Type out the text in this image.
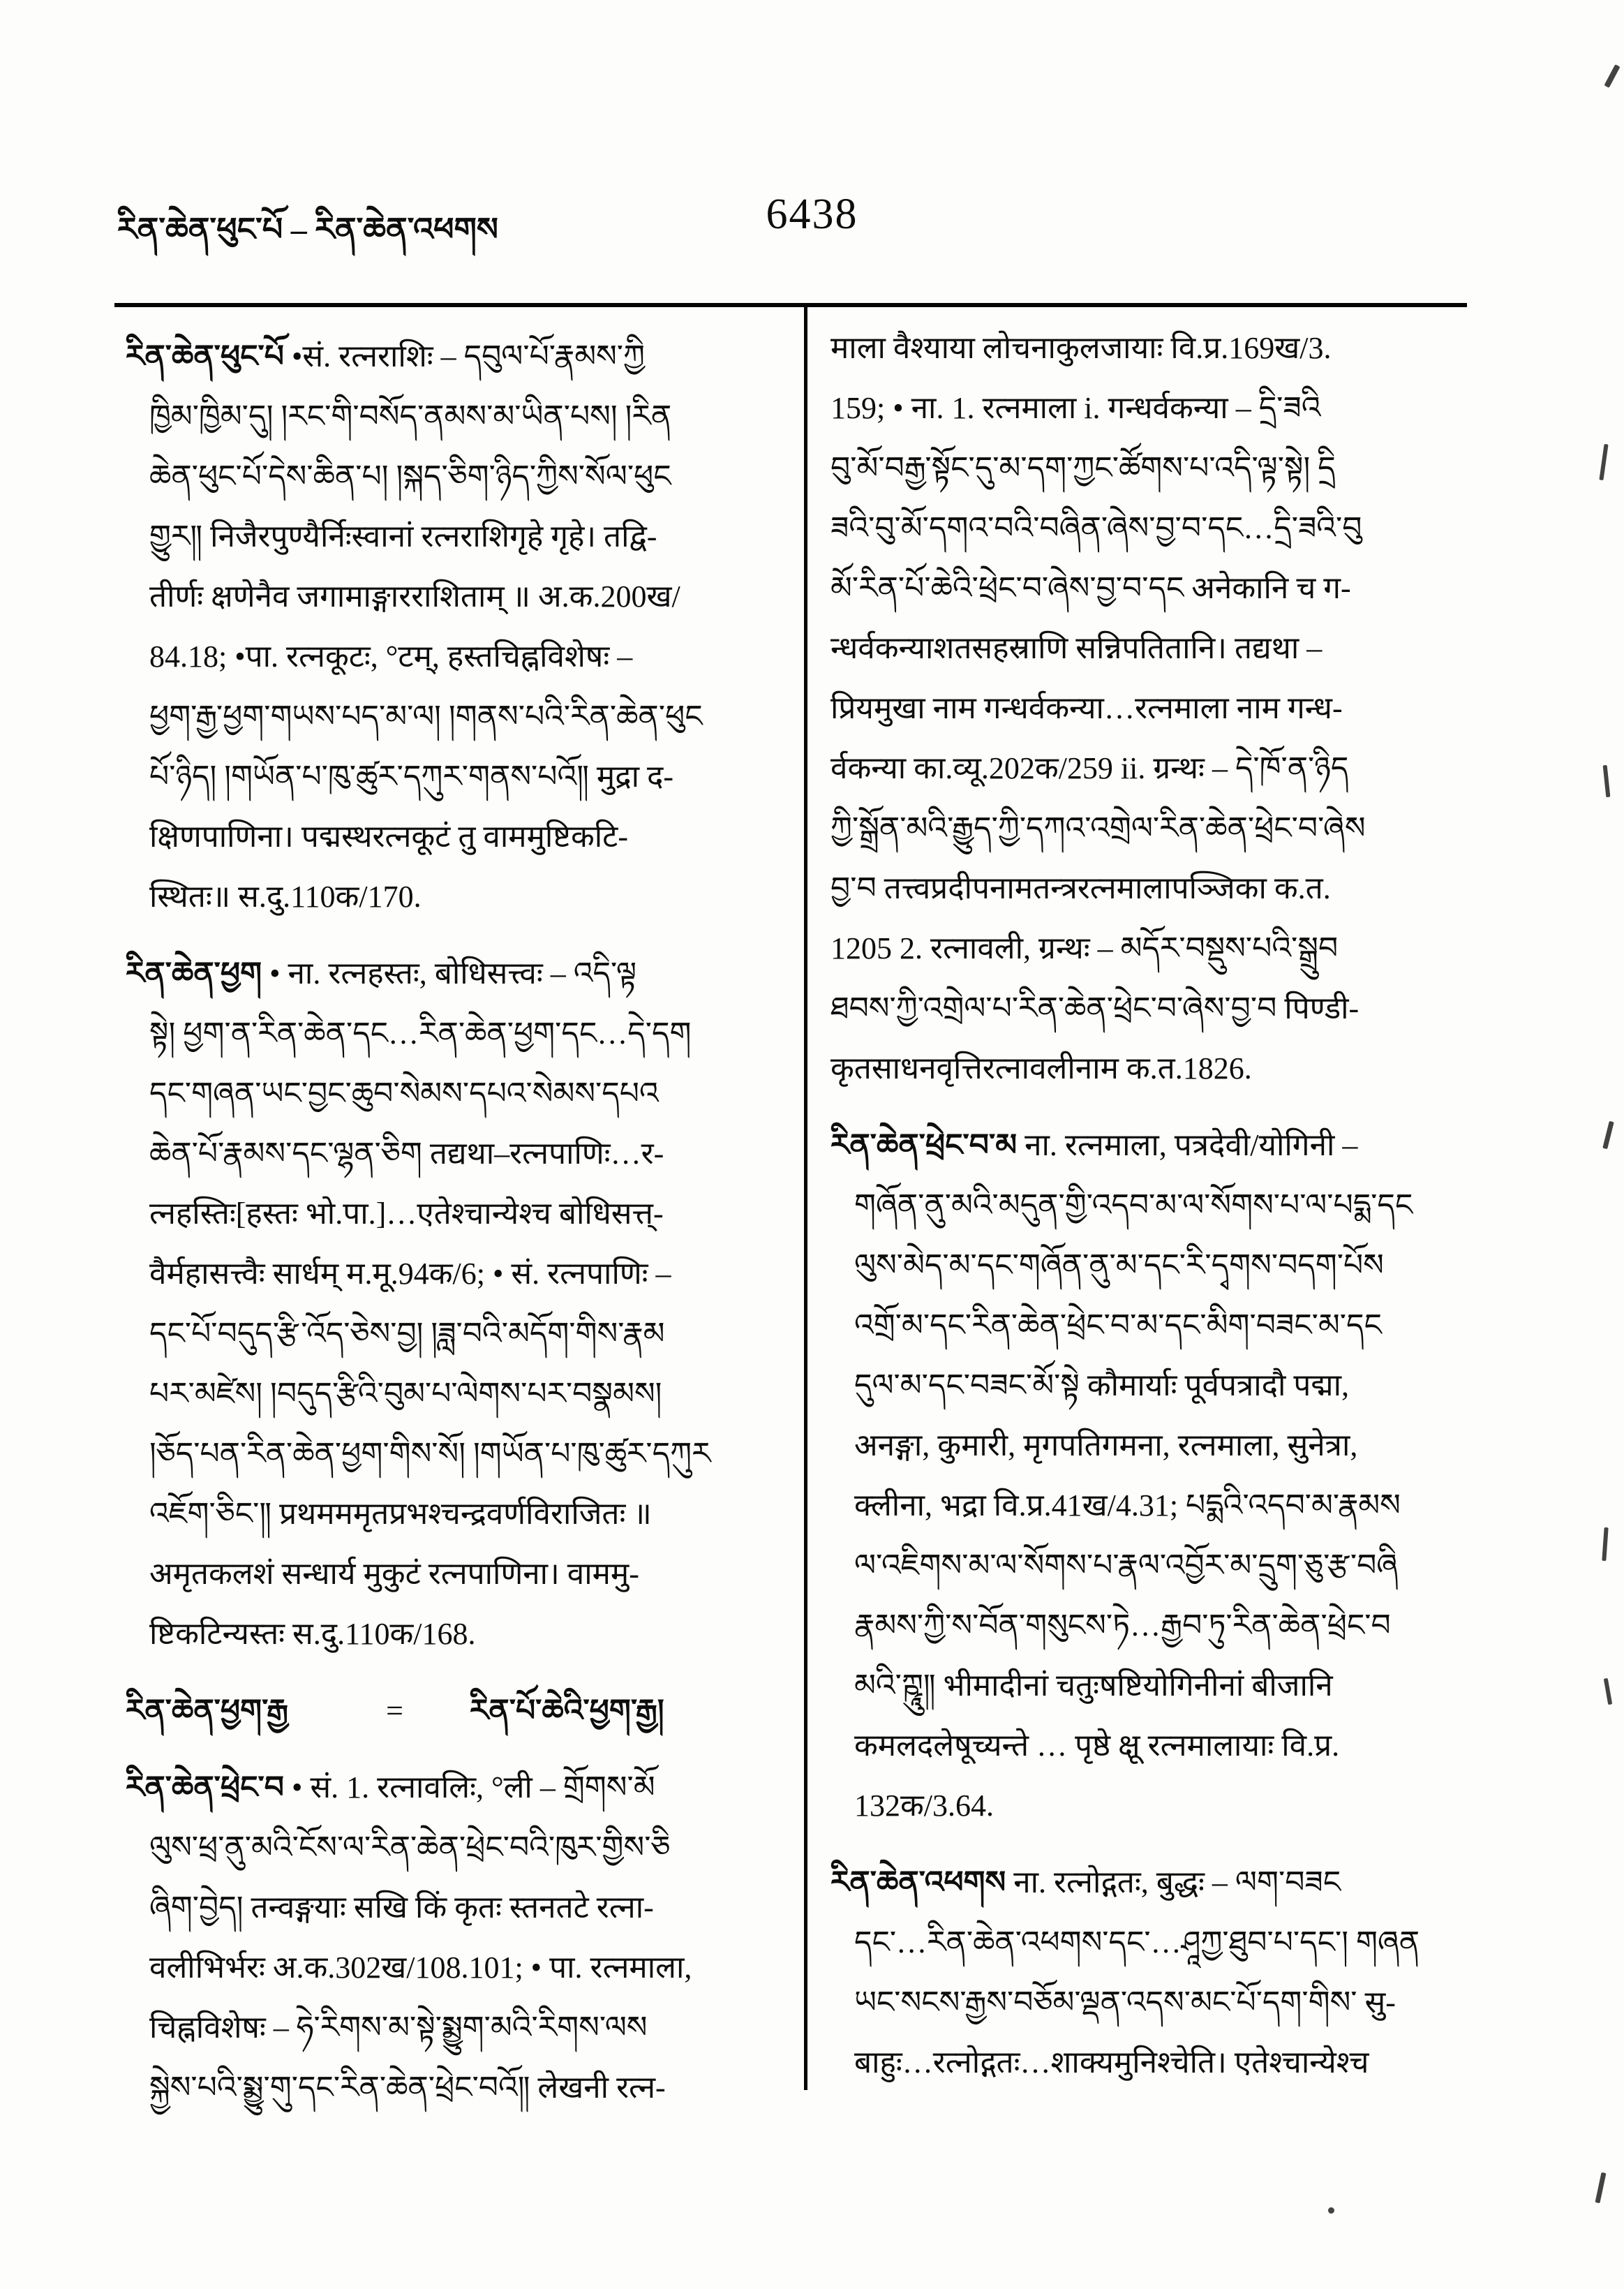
རིན་ཆེན་ཕུང་པོ – རིན་ཆེན་འཕགས	6438
རིན་ཆེན་ཕུང་པོ •सं. रत्नराशिः – དབུལ་པོ་རྣམས་ཀྱི
ཁྱིམ་ཁྱིམ་དུ། །རང་གི་བསོད་ནམས་མ་ཡིན་པས། །རིན
ཆེན་ཕུང་པོ་དེས་ཆིན་པ། །སྐད་ཅིག་ཉིད་ཀྱིས་སོལ་ཕུང
གྱུར༎ निजैरपुण्यैर्निःस्वानां रत्नराशिगृहे गृहे। तद्वि-
तीर्णः क्षणेनैव जगामाङ्गारराशिताम् ॥ अ.क.200ख/
84.18; •पा. रत्नकूटः, °टम्, हस्तचिह्नविशेषः –
ཕྱག་རྒྱ་ཕྱག་གཡས་པད་མ་ལ། །གནས་པའི་རིན་ཆེན་ཕུང
པོ་ཉིད། །གཡོན་པ་ཁུ་ཚུར་དཀུར་གནས་པའོ༎ मुद्रा द-
क्षिणपाणिना। पद्मस्थरत्नकूटं तु वाममुष्टिकटि-
स्थितः॥ स.दु.110क/170.
རིན་ཆེན་ཕྱག • ना. रत्नहस्तः, बोधिसत्त्वः – འདི་ལྟ
སྟེ། ཕྱག་ན་རིན་ཆེན་དང…རིན་ཆེན་ཕྱག་དང…དེ་དག
དང་གཞན་ཡང་བྱང་ཆུབ་སེམས་དཔའ་སེམས་དཔའ
ཆེན་པོ་རྣམས་དང་ལྷན་ཅིག तद्यथा–रत्नपाणिः…र-
त्नहस्तिः[हस्तः भो.पा.]…एतेश्चान्येश्च बोधिसत्त्-
वैर्महासत्त्वैः सार्धम् म.मू.94क/6; • सं. रत्नपाणिः –
དང་པོ་བདུད་རྩི་འོད་ཅེས་བྱ། །ཟླ་བའི་མདོག་གིས་རྣམ
པར་མཛེས། །བདུད་རྩིའི་བུམ་པ་ལེགས་པར་བསྣམས།
།ཅོད་པན་རིན་ཆེན་ཕྱག་གིས་སོ། །གཡོན་པ་ཁུ་ཚུར་དཀུར
འཇོག་ཅིང་༎ प्रथमममृतप्रभश्चन्द्रवर्णविराजितः ॥
अमृतकलशं सन्धार्य मुकुटं रत्नपाणिना। वाममु-
ष्टिकटिन्यस्तः स.दु.110क/168.
རིན་ཆེན་ཕྱག་རྒྱ	= རིན་པོ་ཆེའི་ཕྱག་རྒྱ།
རིན་ཆེན་ཕྲེང་བ • सं. 1. रत्नावलिः, °ली – གྲོགས་མོ
ལུས་ཕྲ་ནུ་མའི་ངོས་ལ་རིན་ཆེན་ཕྲེང་བའི་ཁུར་གྱིས་ཅི
ཞིག་བྱེད། तन्वङ्गयाः सखि किं कृतः स्तनतटे रत्ना-
वलीभिर्भरः अ.क.302ख/108.101; • पा. रत्नमाला,
चिह्नविशेषः – ཧེ་རིགས་མ་སྟེ་སྨྱུག་མའི་རིགས་ལས
སྐྱེས་པའི་སྨྱུ་གུ་དང་རིན་ཆེན་ཕྲེང་བའོ༎ लेखनी रत्न-
माला वैश्याया लोचनाकुलजायाः वि.प्र.169ख/3.
159; • ना. 1. रत्नमाला i. गन्धर्वकन्या – དྲི་ཟའི
བུ་མོ་བརྒྱ་སྟོང་དུ་མ་དག་ཀྱང་ཚོགས་པ་འདི་ལྟ་སྟེ། དྲི
ཟའི་བུ་མོ་དགའ་བའི་བཞིན་ཞེས་བྱ་བ་དང…དྲི་ཟའི་བུ
མོ་རིན་པོ་ཆེའི་ཕྲེང་བ་ཞེས་བྱ་བ་དང अनेकानि च ग-
न्धर्वकन्याशतसहस्राणि सन्निपतितानि। तद्यथा –
प्रियमुखा नाम गन्धर्वकन्या…रत्नमाला नाम गन्ध-
र्वकन्या का.व्यू.202क/259 ii. ग्रन्थः – དེ་ཁོ་ན་ཉིད
ཀྱི་སྒྲོན་མའི་རྒྱུད་ཀྱི་དཀའ་འགྲེལ་རིན་ཆེན་ཕྲེང་བ་ཞེས
བྱ་བ तत्त्वप्रदीपनामतन्त्ररत्नमालापञ्जिका क.त.
1205 2. रत्नावली, ग्रन्थः – མདོར་བསྡུས་པའི་སྒྲུབ
ཐབས་ཀྱི་འགྲེལ་པ་རིན་ཆེན་ཕྲེང་བ་ཞེས་བྱ་བ पिण्डी-
कृतसाधनवृत्तिरत्नावलीनाम क.त.1826.
རིན་ཆེན་ཕྲེང་བ་མ ना. रत्नमाला, पत्रदेवी/योगिनी –
གཞོན་ནུ་མའི་མདུན་གྱི་འདབ་མ་ལ་སོགས་པ་ལ་པདྨ་དང
ལུས་མེད་མ་དང་གཞོན་ནུ་མ་དང་རི་དྭགས་བདག་པོས
འགྲོ་མ་དང་རིན་ཆེན་ཕྲེང་བ་མ་དང་མིག་བཟང་མ་དང
དུལ་མ་དང་བཟང་མོ་སྟེ कौमार्याः पूर्वपत्रादौ पद्मा,
अनङ्गा, कुमारी, मृगपतिगमना, रत्नमाला, सुनेत्रा,
क्लीना, भद्रा वि.प्र.41ख/4.31; པདྨའི་འདབ་མ་རྣམས
ལ་འཇིགས་མ་ལ་སོགས་པ་རྣལ་འབྱོར་མ་དྲུག་ཅུ་རྩ་བཞི
རྣམས་ཀྱི་ས་བོན་གསུངས་ཏེ…རྒྱབ་ཏུ་རིན་ཆེན་ཕྲེང་བ
མའི་ཀྵཱུ༎ भीमादीनां चतुःषष्टियोगिनीनां बीजानि
कमलदलेषूच्यन्ते … पृष्ठे क्षू रत्नमालायाः वि.प्र.
132क/3.64.
རིན་ཆེན་འཕགས ना. रत्नोद्गतः, बुद्धः – ལག་བཟང
དང་…རིན་ཆེན་འཕགས་དང་…ཤཱཀྱ་ཐུབ་པ་དང་། གཞན
ཡང་སངས་རྒྱས་བཅོམ་ལྡན་འདས་མང་པོ་དག་གིས་ सु-
बाहुः…रत्नोद्गतः…शाक्यमुनिश्चेति। एतेश्चान्येश्च
